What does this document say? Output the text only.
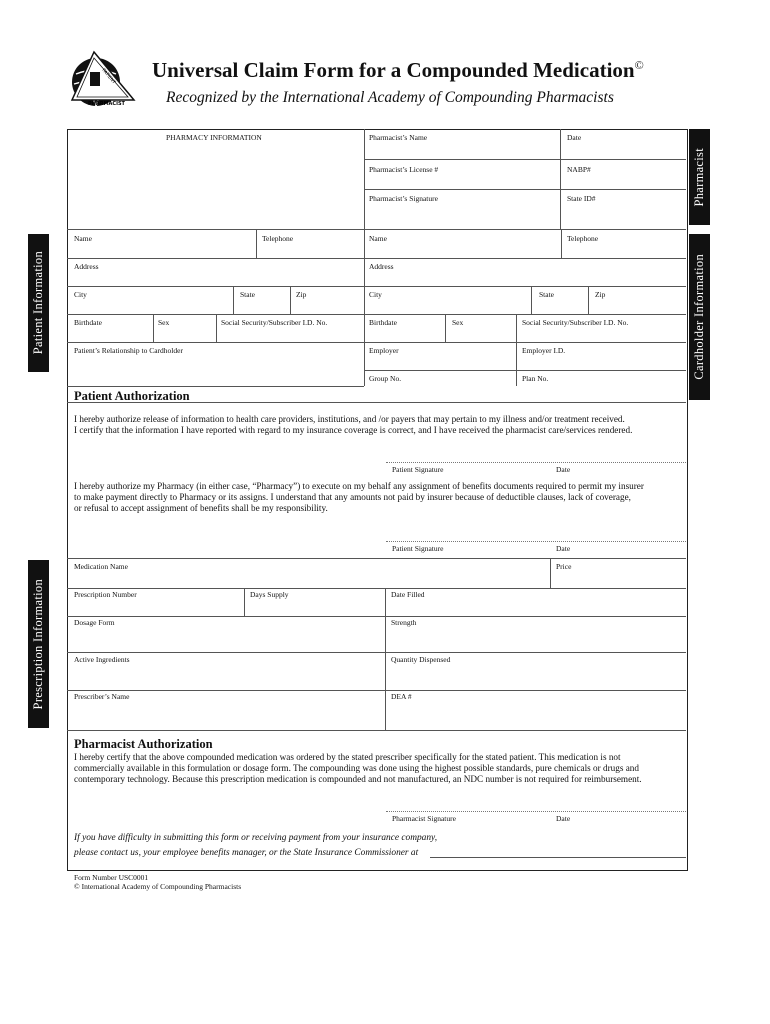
PATIENT
PHARMACIST
Universal Claim Form for a Compounded Medication©
Recognized by the International Academy of Compounding Pharmacists
Pharmacist
Cardholder Information
Patient Information
Prescription Information
PHARMACY INFORMATION	Pharmacist’s Name	Date
Pharmacist’s License #	NABP#
Pharmacist’s Signature	State ID#
Name	Telephone
Address
City	State	Zip
Birthdate	Sex	Social Security/Subscriber I.D. No.
Patient’s Relationship to Cardholder
Name	Telephone
Address
City	State	Zip
Birthdate	Sex	Social Security/Subscriber I.D. No.
Employer	Employer I.D.
Group No.	Plan No.
Patient Authorization
I hereby authorize release of information to health care providers, institutions, and /or payers that may pertain to my illness and/or treatment received.
I certify that the information I have reported with regard to my insurance coverage is correct, and I have received the pharmacist care/services rendered.
Patient Signature	Date
I hereby authorize my Pharmacy (in either case, “Pharmacy”) to execute on my behalf any assignment of benefits documents required to permit my insurer
to make payment directly to Pharmacy or its assigns. I understand that any amounts not paid by insurer because of deductible clauses, lack of coverage,
or refusal to accept assignment of benefits shall be my responsibility.
Patient Signature	Date
Medication Name	Price
Prescription Number	Days Supply	Date Filled
Dosage Form	Strength
Active Ingredients	Quantity Dispensed
Prescriber’s Name	DEA #
Pharmacist Authorization
I hereby certify that the above compounded medication was ordered by the stated prescriber specifically for the stated patient. This medication is not
commercially available in this formulation or dosage form. The compounding was done using the highest possible standards, pure chemicals or drugs and
contemporary technology. Because this prescription medication is compounded and not manufactured, an NDC number is not required for reimbursement.
Pharmacist Signature	Date
If you have difficulty in submitting this form or receiving payment from your insurance company,
please contact us, your employee benefits manager, or the State Insurance Commissioner at
Form Number USC0001
© International Academy of Compounding Pharmacists
